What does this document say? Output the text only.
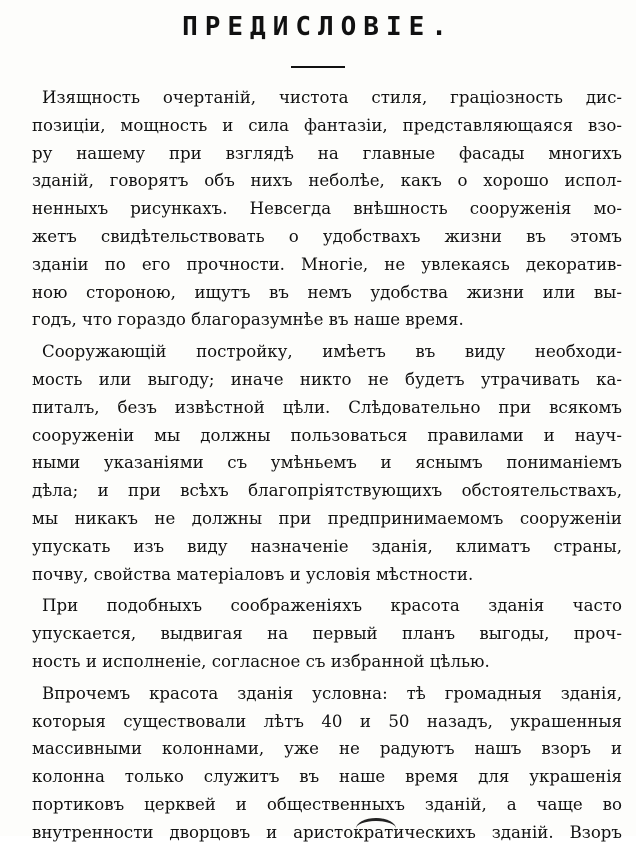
ПРЕДИСЛОВІЕ.
Изящность очертаній, чистота стиля, граціозность дис-
позиціи, мощность и сила фантазіи, представляющаяся взо-
ру нашему при взглядѣ на главные фасады многихъ
зданій, говорятъ объ нихъ неболѣе, какъ о хорошо испол-
ненныхъ рисункахъ. Невсегда внѣшность сооруженія мо-
жетъ свидѣтельствовать о удобствахъ жизни въ этомъ
зданіи по его прочности. Многіе, не увлекаясь декоратив-
ною стороною, ищутъ въ немъ удобства жизни или вы-
годъ, что гораздо благоразумнѣе въ наше время.
Сооружающій постройку, имѣетъ въ виду необходи-
мость или выгоду; иначе никто не будетъ утрачивать ка-
питалъ, безъ извѣстной цѣли. Слѣдовательно при всякомъ
сооруженіи мы должны пользоваться правилами и науч-
ными указаніями съ умѣньемъ и яснымъ пониманіемъ
дѣла; и при всѣхъ благопріятствующихъ обстоятельствахъ,
мы никакъ не должны при предпринимаемомъ сооруженіи
упускать изъ виду назначеніе зданія, климатъ страны,
почву, свойства матеріаловъ и условія мѣстности.
При подобныхъ соображеніяхъ красота зданія часто
упускается, выдвигая на первый планъ выгоды, проч-
ность и исполненіе, согласное съ избранной цѣлью.
Впрочемъ красота зданія условна: тѣ громадныя зданія,
которыя существовали лѣтъ 40 и 50 назадъ, украшенныя
массивными колоннами, уже не радуютъ нашъ взоръ и
колонна только служитъ въ наше время для украшенія
портиковъ церквей и общественныхъ зданій, а чаще во
внутренности дворцовъ и аристократическихъ зданій. Взоръ
